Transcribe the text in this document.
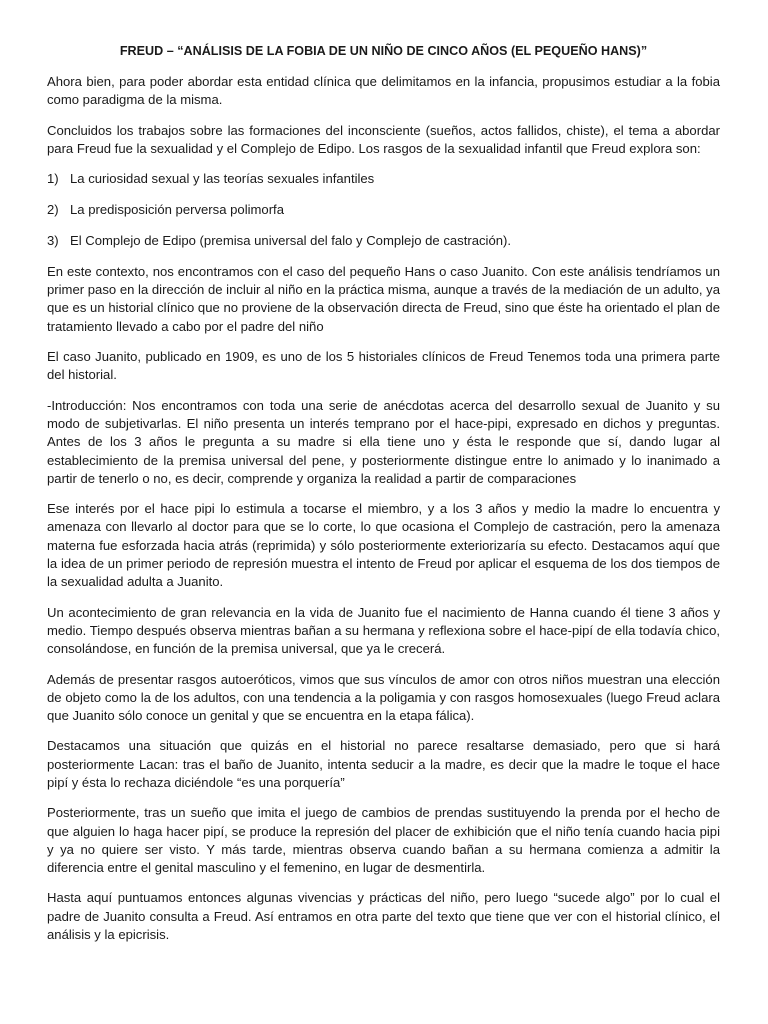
FREUD – “ANÁLISIS DE LA FOBIA DE UN NIÑO DE CINCO AÑOS (EL PEQUEÑO HANS)”

Ahora bien, para poder abordar esta entidad clínica que delimitamos en la infancia, propusimos estudiar a la fobia como paradigma de la misma.

Concluidos los trabajos sobre las formaciones del inconsciente (sueños, actos fallidos, chiste), el tema a abordar para Freud fue la sexualidad y el Complejo de Edipo. Los rasgos de la sexualidad infantil que Freud explora son:

1) La curiosidad sexual y las teorías sexuales infantiles
2) La predisposición perversa polimorfa
3) El Complejo de Edipo (premisa universal del falo y Complejo de castración).

En este contexto, nos encontramos con el caso del pequeño Hans o caso Juanito. Con este análisis tendríamos un primer paso en la dirección de incluir al niño en la práctica misma, aunque a través de la mediación de un adulto, ya que es un historial clínico que no proviene de la observación directa de Freud, sino que éste ha orientado el plan de tratamiento llevado a cabo por el padre del niño

El caso Juanito, publicado en 1909, es uno de los 5 historiales clínicos de Freud Tenemos toda una primera parte del historial.

-Introducción: Nos encontramos con toda una serie de anécdotas acerca del desarrollo sexual de Juanito y su modo de subjetivarlas. El niño presenta un interés temprano por el hace-pipi, expresado en dichos y preguntas. Antes de los 3 años le pregunta a su madre si ella tiene uno y ésta le responde que sí, dando lugar al establecimiento de la premisa universal del pene, y posteriormente distingue entre lo animado y lo inanimado a partir de tenerlo o no, es decir, comprende y organiza la realidad a partir de comparaciones

Ese interés por el hace pipi lo estimula a tocarse el miembro, y a los 3 años y medio la madre lo encuentra y amenaza con llevarlo al doctor para que se lo corte, lo que ocasiona el Complejo de castración, pero la amenaza materna fue esforzada hacia atrás (reprimida) y sólo posteriormente exteriorizaría su efecto. Destacamos aquí que la idea de un primer periodo de represión muestra el intento de Freud por aplicar el esquema de los dos tiempos de la sexualidad adulta a Juanito.

Un acontecimiento de gran relevancia en la vida de Juanito fue el nacimiento de Hanna cuando él tiene 3 años y medio. Tiempo después observa mientras bañan a su hermana y reflexiona sobre el hace-pipí de ella todavía chico, consolándose, en función de la premisa universal, que ya le crecerá.

Además de presentar rasgos autoeróticos, vimos que sus vínculos de amor con otros niños muestran una elección de objeto como la de los adultos, con una tendencia a la poligamia y con rasgos homosexuales (luego Freud aclara que Juanito sólo conoce un genital y que se encuentra en la etapa fálica).

Destacamos una situación que quizás en el historial no parece resaltarse demasiado, pero que si hará posteriormente Lacan: tras el baño de Juanito, intenta seducir a la madre, es decir que la madre le toque el hace pipí y ésta lo rechaza diciéndole “es una porquería”

Posteriormente, tras un sueño que imita el juego de cambios de prendas sustituyendo la prenda por el hecho de que alguien lo haga hacer pipí, se produce la represión del placer de exhibición que el niño tenía cuando hacia pipi y ya no quiere ser visto. Y más tarde, mientras observa cuando bañan a su hermana comienza a admitir la diferencia entre el genital masculino y el femenino, en lugar de desmentirla.

Hasta aquí puntuamos entonces algunas vivencias y prácticas del niño, pero luego “sucede algo” por lo cual el padre de Juanito consulta a Freud. Así entramos en otra parte del texto que tiene que ver con el historial clínico, el análisis y la epicrisis.
